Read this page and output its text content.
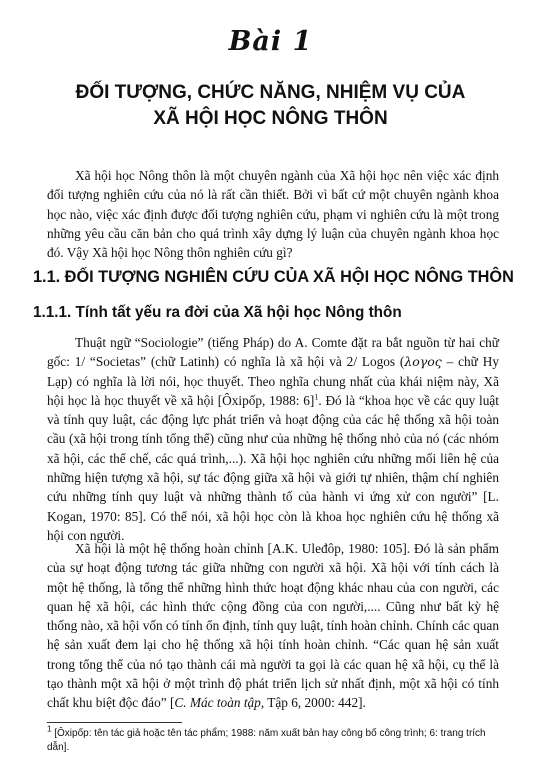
Bài 1
ĐỐI TƯỢNG, CHỨC NĂNG, NHIỆM VỤ CỦA
XÃ HỘI HỌC NÔNG THÔN

Xã hội học Nông thôn là một chuyên ngành của Xã hội học nên việc xác định đối tượng nghiên cứu của nó là rất cần thiết. Bởi vì bất cứ một chuyên ngành khoa học nào, việc xác định được đối tượng nghiên cứu, phạm vi nghiên cứu là một trong những yêu cầu căn bản cho quá trình xây dựng lý luận của chuyên ngành khoa học đó. Vậy Xã hội học Nông thôn nghiên cứu gì?

1.1. ĐỐI TƯỢNG NGHIÊN CỨU CỦA XÃ HỘI HỌC NÔNG THÔN
1.1.1. Tính tất yếu ra đời của Xã hội học Nông thôn

Thuật ngữ “Sociologie” (tiếng Pháp) do A. Comte đặt ra bắt nguồn từ hai chữ gốc: 1/ “Societas” (chữ Latinh) có nghĩa là xã hội và 2/ Logos (λογος – chữ Hy Lạp) có nghĩa là lời nói, học thuyết. Theo nghĩa chung nhất của khái niệm này, Xã hội học là học thuyết về xã hội [Ôxipốp, 1988: 6]$^1$. Đó là “khoa học về các quy luật và tính quy luật, các động lực phát triển và hoạt động của các hệ thống xã hội toàn cầu (xã hội trong tính tổng thể) cũng như của những hệ thống nhỏ của nó (các nhóm xã hội, các thể chế, các quá trình,...). Xã hội học nghiên cứu những mối liên hệ của những hiện tượng xã hội, sự tác động giữa xã hội và giới tự nhiên, thậm chí nghiên cứu những tính quy luật và những thành tố của hành vi ứng xử con người” [L. Kogan, 1970: 85]. Có thể nói, xã hội học còn là khoa học nghiên cứu hệ thống xã hội con người.

Xã hội là một hệ thống hoàn chỉnh [A.K. Uleđôp, 1980: 105]. Đó là sản phẩm của sự hoạt động tương tác giữa những con người xã hội. Xã hội với tính cách là một hệ thống, là tổng thể những hình thức hoạt động khác nhau của con người, các quan hệ xã hội, các hình thức cộng đồng của con người,.... Cũng như bất kỳ hệ thống nào, xã hội vốn có tính ổn định, tính quy luật, tính hoàn chỉnh. Chính các quan hệ sản xuất đem lại cho hệ thống xã hội tính hoàn chỉnh. “Các quan hệ sản xuất trong tổng thể của nó tạo thành cái mà người ta gọi là các quan hệ xã hội, cụ thể là tạo thành một xã hội ở một trình độ phát triển lịch sử nhất định, một xã hội có tính chất khu biệt độc đáo” [C. Mác toàn tập, Tập 6, 2000: 442].

$^1$ [Ôxipốp: tên tác giả hoặc tên tác phẩm; 1988: năm xuất bản hay công bố công trình; 6: trang trích dẫn].
